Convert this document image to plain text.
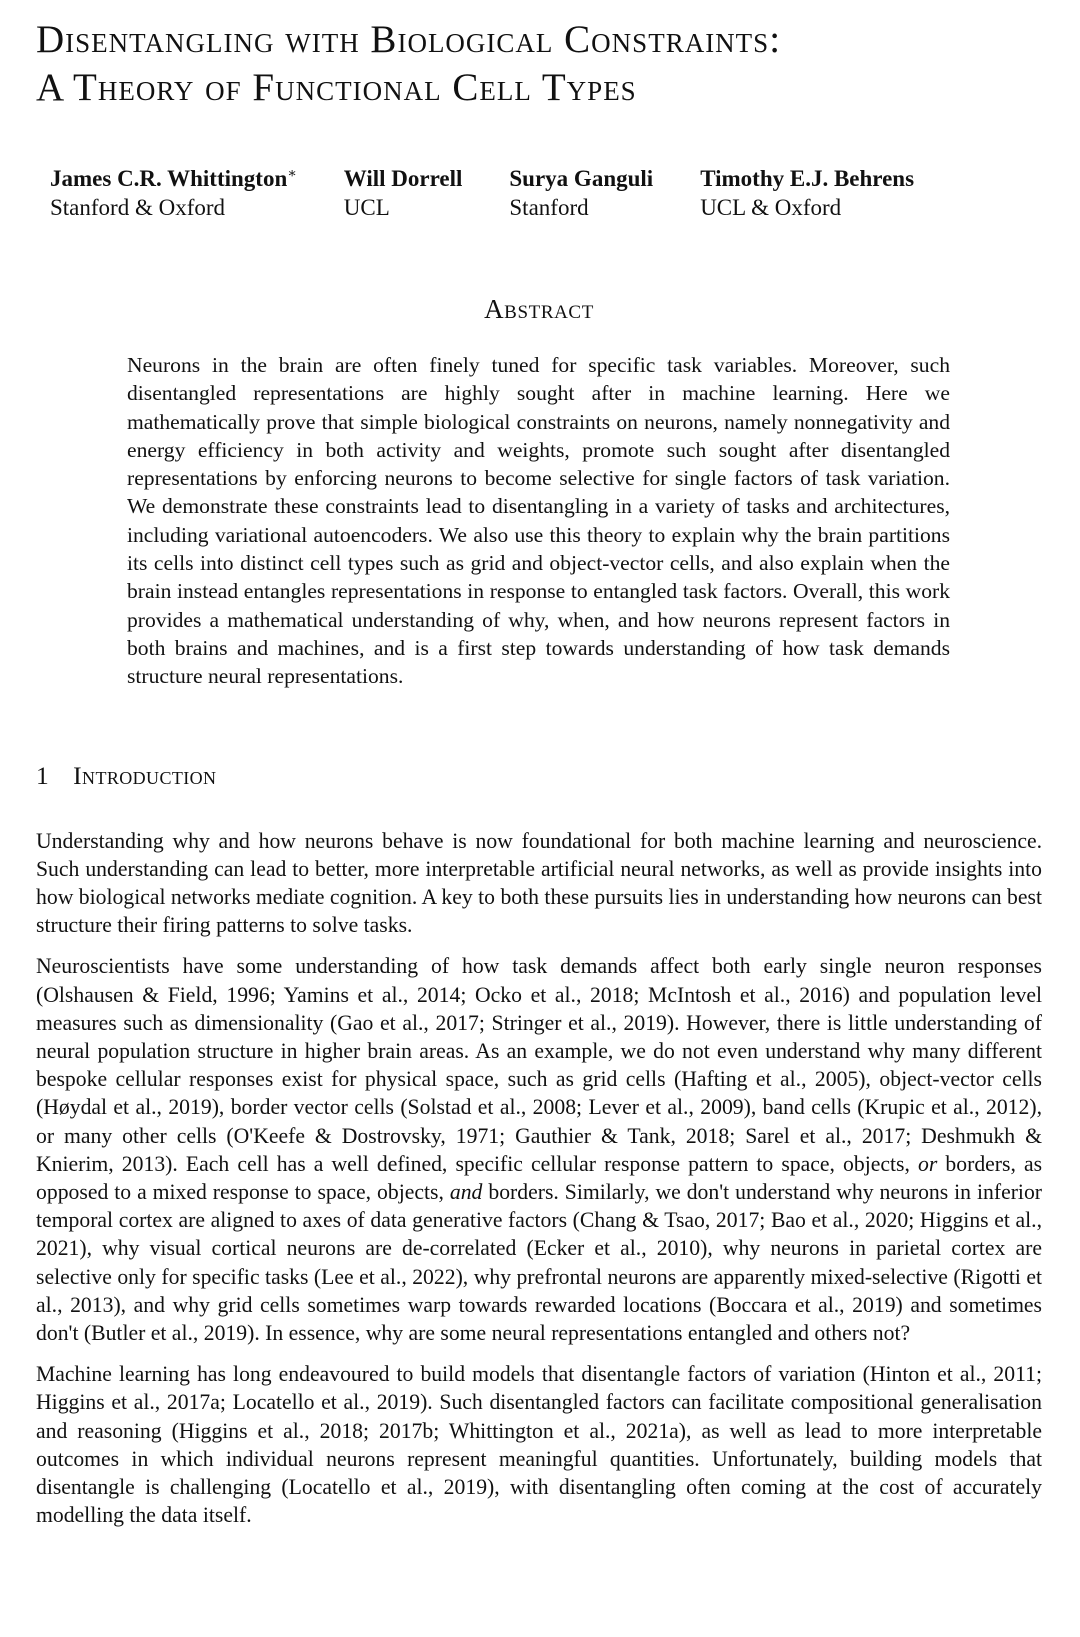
Disentangling with Biological Constraints:
A Theory of Functional Cell Types
James C.R. Whittington∗
Stanford & Oxford
Will Dorrell
UCL
Surya Ganguli
Stanford
Timothy E.J. Behrens
UCL & Oxford
Abstract

Neurons in the brain are often finely tuned for specific task variables. Moreover, such disentangled representations are highly sought after in machine learning. Here we mathematically prove that simple biological constraints on neurons, namely nonnegativity and energy efficiency in both activity and weights, promote such sought after disentangled representations by enforcing neurons to become selective for single factors of task variation. We demonstrate these constraints lead to disentangling in a variety of tasks and architectures, including variational autoencoders. We also use this theory to explain why the brain partitions its cells into distinct cell types such as grid and object-vector cells, and also explain when the brain instead entangles representations in response to entangled task factors. Overall, this work provides a mathematical understanding of why, when, and how neurons represent factors in both brains and machines, and is a first step towards understanding of how task demands structure neural representations.

1 Introduction

Understanding why and how neurons behave is now foundational for both machine learning and neuroscience. Such understanding can lead to better, more interpretable artificial neural networks, as well as provide insights into how biological networks mediate cognition. A key to both these pursuits lies in understanding how neurons can best structure their firing patterns to solve tasks.

Neuroscientists have some understanding of how task demands affect both early single neuron responses (Olshausen & Field, 1996; Yamins et al., 2014; Ocko et al., 2018; McIntosh et al., 2016) and population level measures such as dimensionality (Gao et al., 2017; Stringer et al., 2019). However, there is little understanding of neural population structure in higher brain areas. As an example, we do not even understand why many different bespoke cellular responses exist for physical space, such as grid cells (Hafting et al., 2005), object-vector cells (Høydal et al., 2019), border vector cells (Solstad et al., 2008; Lever et al., 2009), band cells (Krupic et al., 2012), or many other cells (O'Keefe & Dostrovsky, 1971; Gauthier & Tank, 2018; Sarel et al., 2017; Deshmukh & Knierim, 2013). Each cell has a well defined, specific cellular response pattern to space, objects, or borders, as opposed to a mixed response to space, objects, and borders. Similarly, we don't understand why neurons in inferior temporal cortex are aligned to axes of data generative factors (Chang & Tsao, 2017; Bao et al., 2020; Higgins et al., 2021), why visual cortical neurons are de-correlated (Ecker et al., 2010), why neurons in parietal cortex are selective only for specific tasks (Lee et al., 2022), why prefrontal neurons are apparently mixed-selective (Rigotti et al., 2013), and why grid cells sometimes warp towards rewarded locations (Boccara et al., 2019) and sometimes don't (Butler et al., 2019). In essence, why are some neural representations entangled and others not?

Machine learning has long endeavoured to build models that disentangle factors of variation (Hinton et al., 2011; Higgins et al., 2017a; Locatello et al., 2019). Such disentangled factors can facilitate compositional generalisation and reasoning (Higgins et al., 2018; 2017b; Whittington et al., 2021a), as well as lead to more interpretable outcomes in which individual neurons represent meaningful quantities. Unfortunately, building models that disentangle is challenging (Locatello et al., 2019), with disentangling often coming at the cost of accurately modelling the data itself.
